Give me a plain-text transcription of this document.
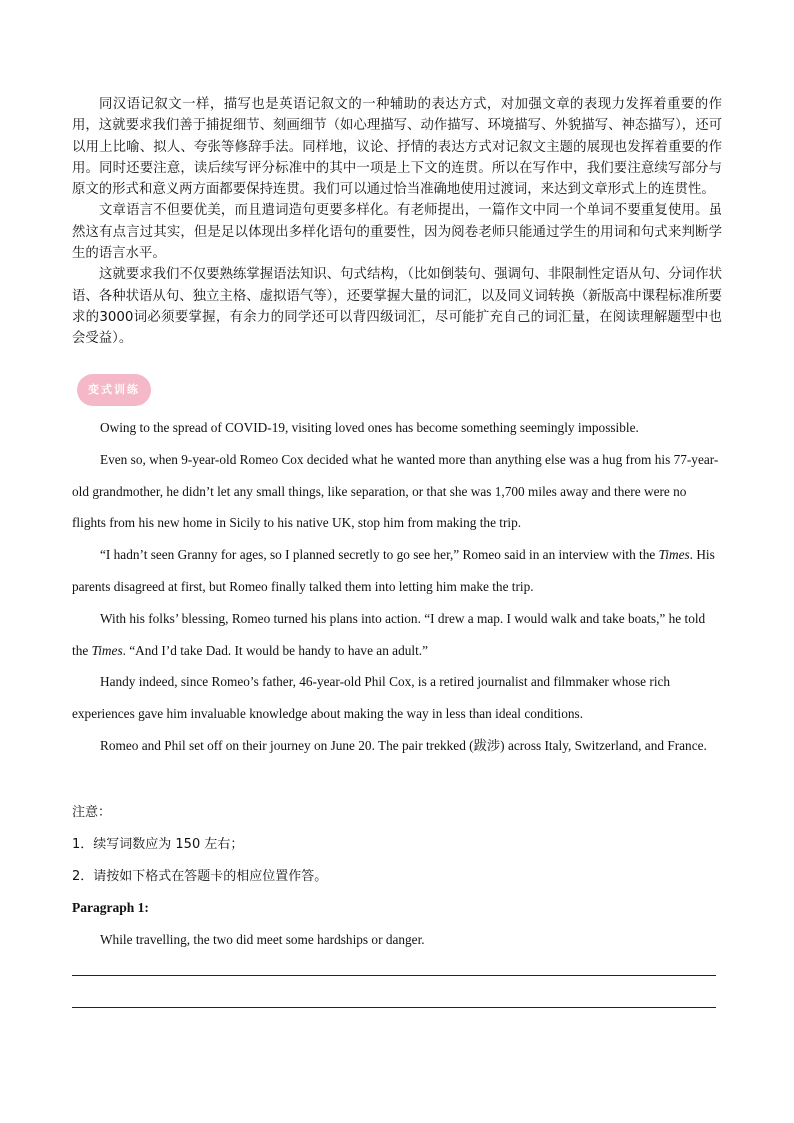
同汉语记叙文一样，描写也是英语记叙文的一种辅助的表达方式，对加强文章的表现力发挥着重要的作用，这就要求我们善于捕捉细节、刻画细节（如心理描写、动作描写、环境描写、外貌描写、神态描写），还可以用上比喻、拟人、夸张等修辞手法。同样地，议论、抒情的表达方式对记叙文主题的展现也发挥着重要的作用。同时还要注意，读后续写评分标准中的其中一项是上下文的连贯。所以在写作中，我们要注意续写部分与原文的形式和意义两方面都要保持连贯。我们可以通过恰当准确地使用过渡词，来达到文章形式上的连贯性。

文章语言不但要优美，而且遣词造句更要多样化。有老师提出，一篇作文中同一个单词不要重复使用。虽然这有点言过其实，但是足以体现出多样化语句的重要性，因为阅卷老师只能通过学生的用词和句式来判断学生的语言水平。

这就要求我们不仅要熟练掌握语法知识、句式结构，（比如倒装句、强调句、非限制性定语从句、分词作状语、各种状语从句、独立主格、虚拟语气等），还要掌握大量的词汇，以及同义词转换（新版高中课程标准所要求的3000词必须要掌握，有余力的同学还可以背四级词汇，尽可能扩充自己的词汇量，在阅读理解题型中也会受益）。

变式训练

Owing to the spread of COVID-19, visiting loved ones has become something seemingly impossible.

Even so, when 9-year-old Romeo Cox decided what he wanted more than anything else was a hug from his 77-year-old grandmother, he didn’t let any small things, like separation, or that she was 1,700 miles away and there were no flights from his new home in Sicily to his native UK, stop him from making the trip.

“I hadn’t seen Granny for ages, so I planned secretly to go see her,” Romeo said in an interview with the Times. His parents disagreed at first, but Romeo finally talked them into letting him make the trip.

With his folks’ blessing, Romeo turned his plans into action. “I drew a map. I would walk and take boats,” he told the Times. “And I’d take Dad. It would be handy to have an adult.”

Handy indeed, since Romeo’s father, 46-year-old Phil Cox, is a retired journalist and filmmaker whose rich experiences gave him invaluable knowledge about making the way in less than ideal conditions.

Romeo and Phil set off on their journey on June 20. The pair trekked (跋涉) across Italy, Switzerland, and France.

注意：
1．续写词数应为 150 左右；
2．请按如下格式在答题卡的相应位置作答。
Paragraph 1:
While travelling, the two did meet some hardships or danger.
